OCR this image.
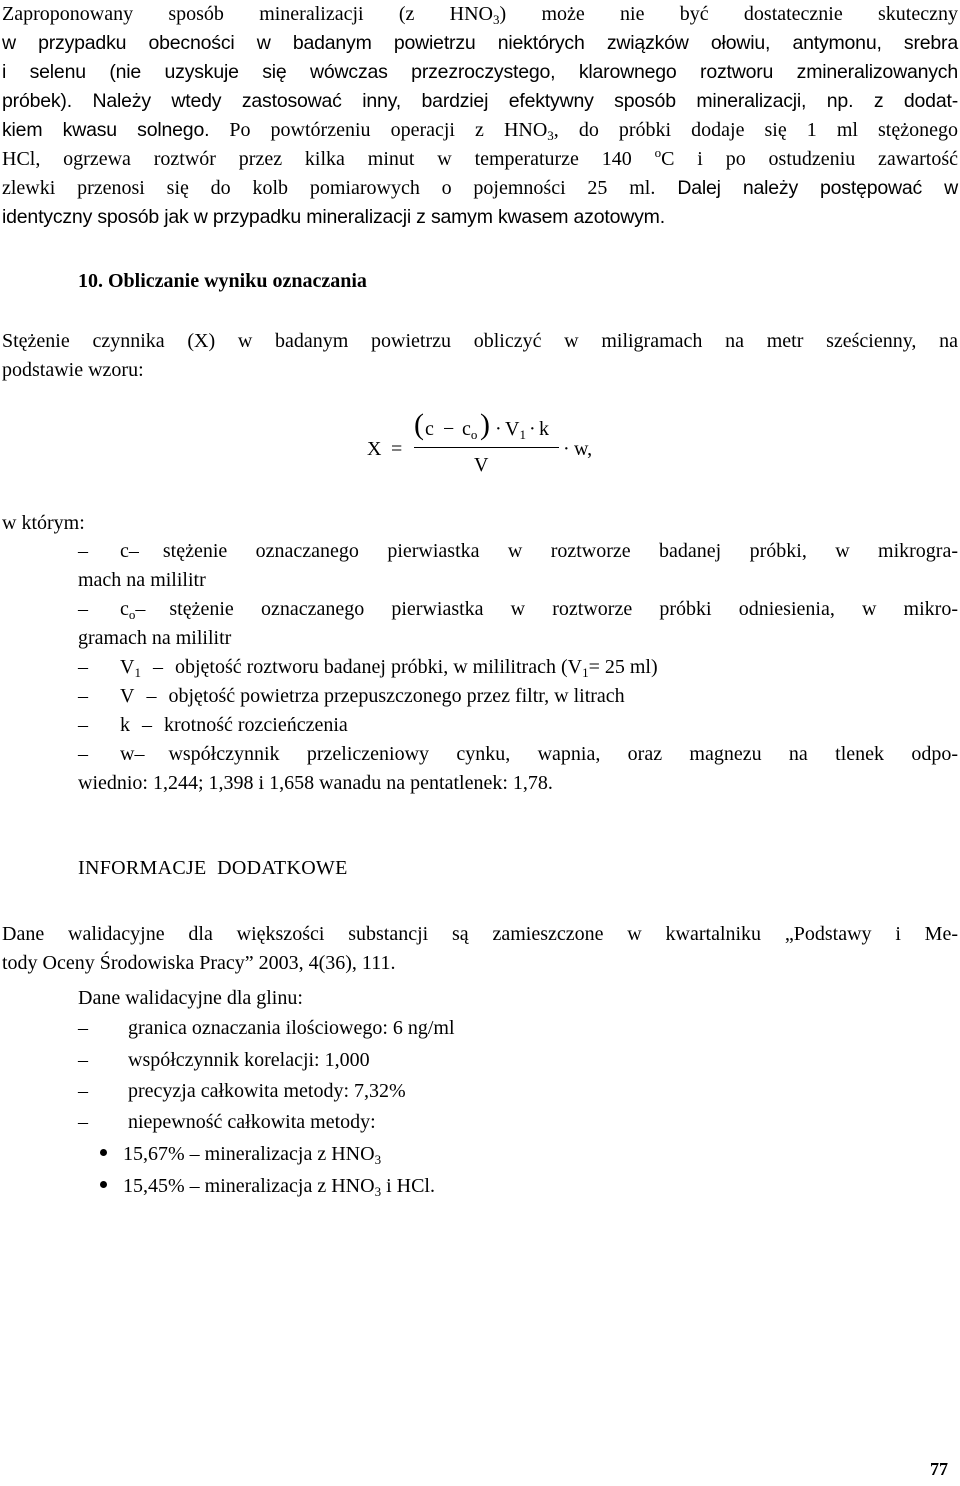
Zaproponowany sposób mineralizacji (z $HNO_3$) może nie być dostatecznie skuteczny
w przypadku obecności w badanym powietrzu niektórych związków ołowiu, antymonu, srebra
i selenu (nie uzyskuje się wówczas przezroczystego, klarownego roztworu zmineralizowanych
próbek). Należy wtedy zastosować inny, bardziej efektywny sposób mineralizacji, np. z dodat-
kiem kwasu solnego. Po powtórzeniu operacji z $HNO_3$, do próbki dodaje się 1 ml stężonego
HCl, ogrzewa roztwór przez kilka minut w temperaturze 140 $^o$C i po ostudzeniu zawartość
zlewki przenosi się do kolb pomiarowych o pojemności 25 ml. Dalej należy postępować w
identyczny sposób jak w przypadku mineralizacji z samym kwasem azotowym.
10. Obliczanie wyniku oznaczania
Stężenie czynnika (X) w badanym powietrzu obliczyć w miligramach na metr sześcienny, na
podstawie wzoru:
X =
( $c - c_o$ ) · $V_1 \cdot k$
V
· w,
w którym:
– c– stężenie oznaczanego pierwiastka w roztworze badanej próbki, w mikrogra-
mach na mililitr
– $c_o-$ stężenie oznaczanego pierwiastka w roztworze próbki odniesienia, w mikro-
gramach na mililitr
– $V_1$ – objętość roztworu badanej próbki, w mililitrach ($V_1= 25$ ml)
– V – objętość powietrza przepuszczonego przez filtr, w litrach
– k – krotność rozcieńczenia
– w– współczynnik przeliczeniowy cynku, wapnia, oraz magnezu na tlenek odpo-
wiednio: 1,244; 1,398 i 1,658 wanadu na pentatlenek: 1,78.
INFORMACJE  DODATKOWE
Dane walidacyjne dla większości substancji są zamieszczone w kwartalniku „Podstawy i Me-
tody Oceny Środowiska Pracy” 2003, 4(36), 111.
Dane walidacyjne dla glinu:
– granica oznaczania ilościowego: 6 ng/ml
– współczynnik korelacji: 1,000
– precyzja całkowita metody: 7,32%
– niepewność całkowita metody:
15,67% – mineralizacja z $HNO_3$
15,45% – mineralizacja z $HNO_3$ i HCl.
77
